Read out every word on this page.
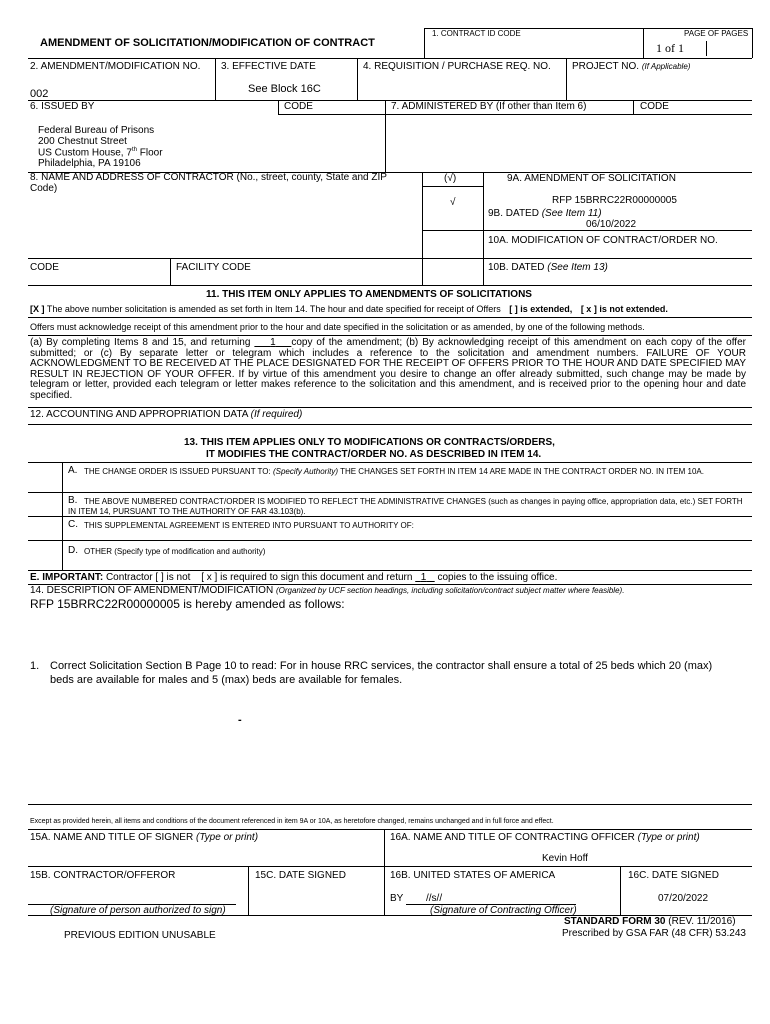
AMENDMENT OF SOLICITATION/MODIFICATION OF CONTRACT
1. CONTRACT ID CODE	PAGE OF PAGES
1 of 1
2. AMENDMENT/MODIFICATION NO.
002
3. EFFECTIVE DATE
See Block 16C
4. REQUISITION / PURCHASE REQ. NO. PROJECT NO. (If Applicable)
6. ISSUED BY	CODE	7. ADMINISTERED BY (If other than Item 6)	CODE
Federal Bureau of Prisons
200 Chestnut Street
US Custom House, 7th Floor
Philadelphia, PA 19106
8. NAME AND ADDRESS OF CONTRACTOR (No., street, county, State and ZIP
Code)
(√)	9A. AMENDMENT OF SOLICITATION
√	RFP 15BRRC22R00000005
9B. DATED (See Item 11)
06/10/2022
10A. MODIFICATION OF CONTRACT/ORDER NO.
CODE	FACILITY CODE	10B. DATED (See Item 13)
11. THIS ITEM ONLY APPLIES TO AMENDMENTS OF SOLICITATIONS
[X ] The above number solicitation is amended as set forth in Item 14. The hour and date specified for receipt of Offers [ ] is extended, [ x ] is not extended.
Offers must acknowledge receipt of this amendment prior to the hour and date specified in the solicitation or as amended, by one of the following methods.
(a) By completing Items 8 and 15, and returning 1 copy of the amendment; (b) By acknowledging receipt of this amendment on each copy of the offer submitted; or (c) By separate letter or telegram which includes a reference to the solicitation and amendment numbers. FAILURE OF YOUR ACKNOWLEDGMENT TO BE RECEIVED AT THE PLACE DESIGNATED FOR THE RECEIPT OF OFFERS PRIOR TO THE HOUR AND DATE SPECIFIED MAY RESULT IN REJECTION OF YOUR OFFER. If by virtue of this amendment you desire to change an offer already submitted, such change may be made by telegram or letter, provided each telegram or letter makes reference to the solicitation and this amendment, and is received prior to the opening hour and date specified.
12. ACCOUNTING AND APPROPRIATION DATA (If required)
13. THIS ITEM APPLIES ONLY TO MODIFICATIONS OR CONTRACTS/ORDERS,
IT MODIFIES THE CONTRACT/ORDER NO. AS DESCRIBED IN ITEM 14.
A. THE CHANGE ORDER IS ISSUED PURSUANT TO: (Specify Authority) THE CHANGES SET FORTH IN ITEM 14 ARE MADE IN THE CONTRACT ORDER NO. IN ITEM 10A.
B. THE ABOVE NUMBERED CONTRACT/ORDER IS MODIFIED TO REFLECT THE ADMINISTRATIVE CHANGES (such as changes in paying office, appropriation data, etc.) SET FORTH IN ITEM 14, PURSUANT TO THE AUTHORITY OF FAR 43.103(b).
C. THIS SUPPLEMENTAL AGREEMENT IS ENTERED INTO PURSUANT TO AUTHORITY OF:
D. OTHER (Specify type of modification and authority)
E. IMPORTANT: Contractor [ ] is not [ x ] is required to sign this document and return 1 copies to the issuing office.
14. DESCRIPTION OF AMENDMENT/MODIFICATION (Organized by UCF section headings, including solicitation/contract subject matter where feasible).
RFP 15BRRC22R00000005 is hereby amended as follows:
1. Correct Solicitation Section B Page 10 to read: For in house RRC services, the contractor shall ensure a total of 25 beds which 20 (max)
beds are available for males and 5 (max) beds are available for females.
-
Except as provided herein, all items and conditions of the document referenced in item 9A or 10A, as heretofore changed, remains unchanged and in full force and effect.
15A. NAME AND TITLE OF SIGNER (Type or print)	16A. NAME AND TITLE OF CONTRACTING OFFICER (Type or print)
Kevin Hoff
15B. CONTRACTOR/OFFEROR	15C. DATE SIGNED	16B. UNITED STATES OF AMERICA	16C. DATE SIGNED
07/20/2022
BY //s//
(Signature of person authorized to sign)	(Signature of Contracting Officer)
PREVIOUS EDITION UNUSABLE
STANDARD FORM 30 (REV. 11/2016)
Prescribed by GSA FAR (48 CFR) 53.243
